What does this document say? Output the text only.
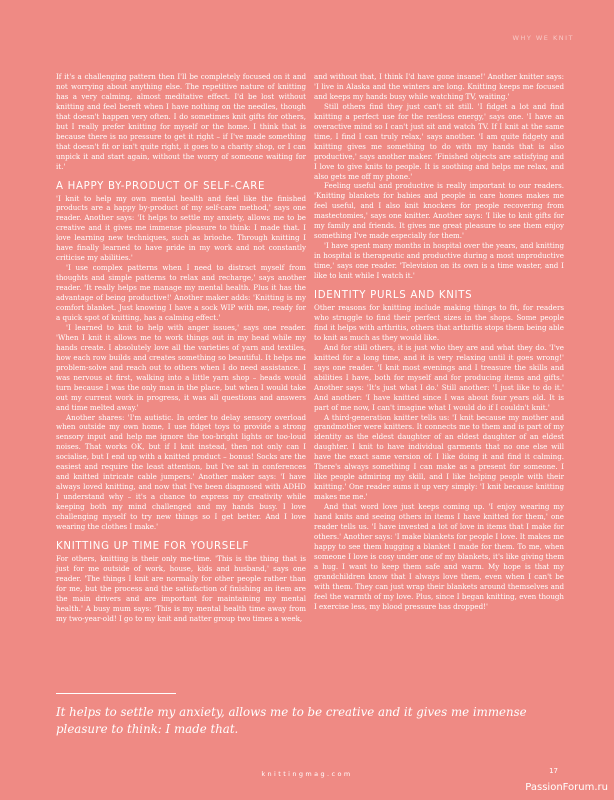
WHY WE KNIT

If it's a challenging pattern then I'll be completely focused on it and not worrying about anything else. The repetitive nature of knitting has a very calming, almost meditative effect. I'd be lost without knitting and feel bereft when I have nothing on the needles, though that doesn't happen very often. I do sometimes knit gifts for others, but I really prefer knitting for myself or the home. I think that is because there is no pressure to get it right – if I've made something that doesn't fit or isn't quite right, it goes to a charity shop, or I can unpick it and start again, without the worry of someone waiting for it.'

A HAPPY BY-PRODUCT OF SELF-CARE

'I knit to help my own mental health and feel like the finished products are a happy by-product of my self-care method,' says one reader. Another says: 'It helps to settle my anxiety, allows me to be creative and it gives me immense pleasure to think: I made that. I love learning new techniques, such as brioche. Through knitting I have finally learned to have pride in my work and not constantly criticise my abilities.'

'I use complex patterns when I need to distract myself from thoughts and simple patterns to relax and recharge,' says another reader. 'It really helps me manage my mental health. Plus it has the advantage of being productive!' Another maker adds: 'Knitting is my comfort blanket. Just knowing I have a sock WIP with me, ready for a quick spot of knitting, has a calming effect.'

'I learned to knit to help with anger issues,' says one reader. 'When I knit it allows me to work things out in my head while my hands create. I absolutely love all the varieties of yarn and textiles, how each row builds and creates something so beautiful. It helps me problem-solve and reach out to others when I do need assistance. I was nervous at first, walking into a little yarn shop – heads would turn because I was the only man in the place, but when I would take out my current work in progress, it was all questions and answers and time melted away.'

Another shares: 'I'm autistic. In order to delay sensory overload when outside my own home, I use fidget toys to provide a strong sensory input and help me ignore the too-bright lights or too-loud noises. That works OK, but if I knit instead, then not only can I socialise, but I end up with a knitted product – bonus! Socks are the easiest and require the least attention, but I've sat in conferences and knitted intricate cable jumpers.' Another maker says: 'I have always loved knitting, and now that I've been diagnosed with ADHD I understand why – it's a chance to express my creativity while keeping both my mind challenged and my hands busy. I love challenging myself to try new things so I get better. And I love wearing the clothes I make.'

KNITTING UP TIME FOR YOURSELF

For others, knitting is their only me-time. 'This is the thing that is just for me outside of work, house, kids and husband,' says one reader. 'The things I knit are normally for other people rather than for me, but the process and the satisfaction of finishing an item are the main drivers and are important for maintaining my mental health.' A busy mum says: 'This is my mental health time away from my two-year-old! I go to my knit and natter group two times a week,

and without that, I think I'd have gone insane!' Another knitter says: 'I live in Alaska and the winters are long. Knitting keeps me focused and keeps my hands busy while watching TV, waiting.'

Still others find they just can't sit still. 'I fidget a lot and find knitting a perfect use for the restless energy,' says one. 'I have an overactive mind so I can't just sit and watch TV. If I knit at the same time, I find I can truly relax,' says another. 'I am quite fidgety and knitting gives me something to do with my hands that is also productive,' says another maker. 'Finished objects are satisfying and I love to give knits to people. It is soothing and helps me relax, and also gets me off my phone.'

Feeling useful and productive is really important to our readers. 'Knitting blankets for babies and people in care homes makes me feel useful, and I also knit knockers for people recovering from mastectomies,' says one knitter. Another says: 'I like to knit gifts for my family and friends. It gives me great pleasure to see them enjoy something I've made especially for them.'

'I have spent many months in hospital over the years, and knitting in hospital is therapeutic and productive during a most unproductive time,' says one reader. 'Television on its own is a time waster, and I like to knit while I watch it.'

IDENTITY PURLS AND KNITS

Other reasons for knitting include making things to fit, for readers who struggle to find their perfect sizes in the shops. Some people find it helps with arthritis, others that arthritis stops them being able to knit as much as they would like.

And for still others, it is just who they are and what they do. 'I've knitted for a long time, and it is very relaxing until it goes wrong!' says one reader. 'I knit most evenings and I treasure the skills and abilities I have, both for myself and for producing items and gifts.' Another says: 'It's just what I do.' Still another: 'I just like to do it.' And another: 'I have knitted since I was about four years old. It is part of me now, I can't imagine what I would do if I couldn't knit.'

A third-generation knitter tells us: 'I knit because my mother and grandmother were knitters. It connects me to them and is part of my identity as the eldest daughter of an eldest daughter of an eldest daughter. I knit to have individual garments that no one else will have the exact same version of. I like doing it and find it calming. There's always something I can make as a present for someone. I like people admiring my skill, and I like helping people with their knitting.' One reader sums it up very simply: 'I knit because knitting makes me me.'

And that word love just keeps coming up. 'I enjoy wearing my hand knits and seeing others in items I have knitted for them,' one reader tells us. 'I have invested a lot of love in items that I make for others.' Another says: 'I make blankets for people I love. It makes me happy to see them hugging a blanket I made for them. To me, when someone I love is cosy under one of my blankets, it's like giving them a hug. I want to keep them safe and warm. My hope is that my grandchildren know that I always love them, even when I can't be with them. They can just wrap their blankets around themselves and feel the warmth of my love. Plus, since I began knitting, even though I exercise less, my blood pressure has dropped!'

It helps to settle my anxiety, allows me to be creative and it gives me immense pleasure to think: I made that.
knittingmag.com	17
PassionForum.ru
